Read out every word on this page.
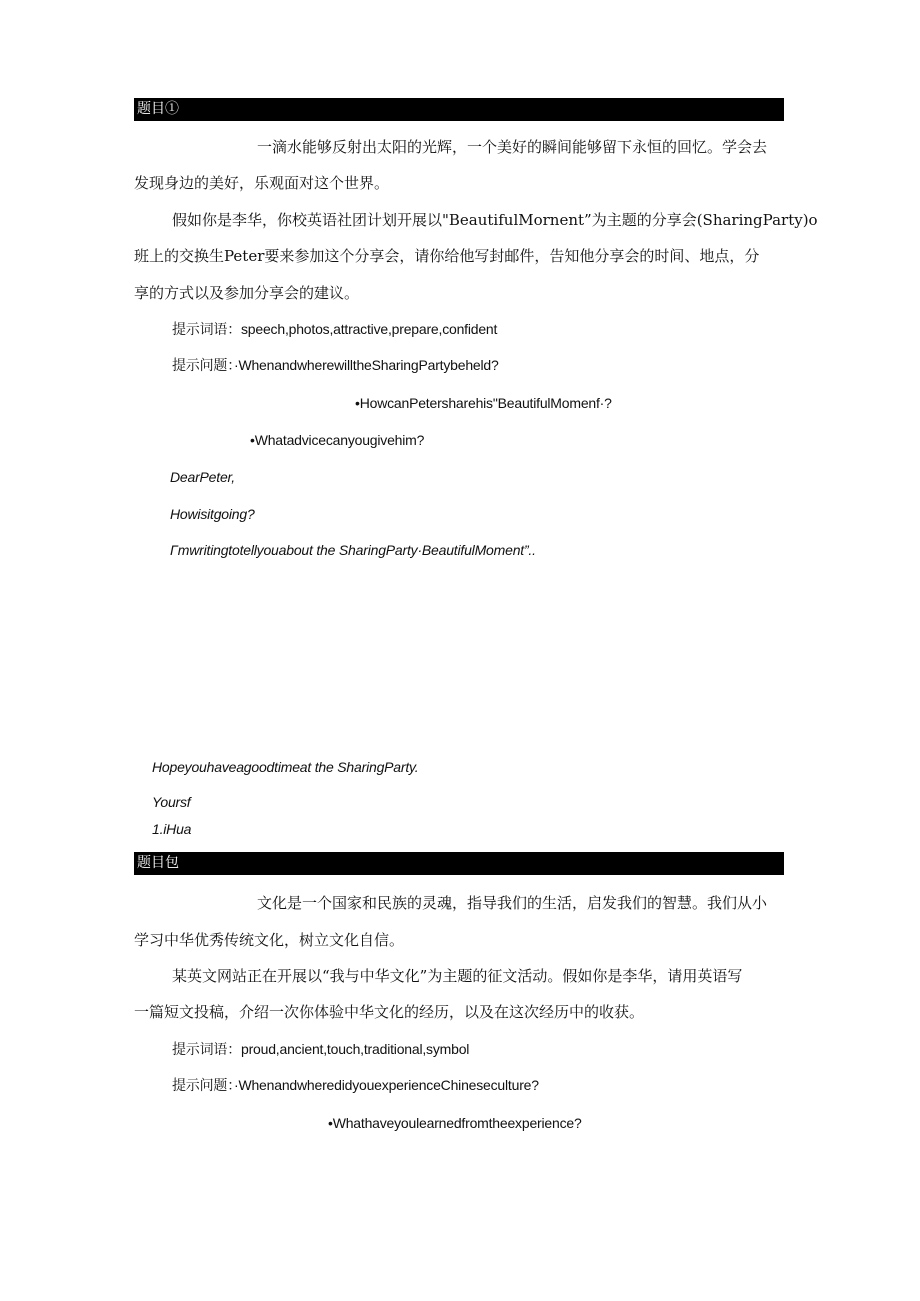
题目①
一滴水能够反射出太阳的光辉，一个美好的瞬间能够留下永恒的回忆。学会去
发现身边的美好，乐观面对这个世界。
假如你是李华，你校英语社团计划开展以"BeautifulMornent”为主题的分享会(SharingParty)o
班上的交换生Peter要来参加这个分享会，请你给他写封邮件，告知他分享会的时间、地点，分
享的方式以及参加分享会的建议。
提示词语：speech,photos,attractive,prepare,confident
提示问题：·WhenandwherewilltheSharingPartybeheld?
•HowcanPetersharehis"BeautifulMomenf·?
•Whatadvicecanyougivehim?
DearPeter,
Howisitgoing?
Γmwritingtotellyouabout the SharingParty·BeautifulMoment”..
Hopeyouhaveagoodtimeat the SharingParty.
Yoursf
1.iHua
题目包
文化是一个国家和民族的灵魂，指导我们的生活，启发我们的智慧。我们从小
学习中华优秀传统文化，树立文化自信。
某英文网站正在开展以“我与中华文化”为主题的征文活动。假如你是李华，请用英语写
一篇短文投稿，介绍一次你体验中华文化的经历，以及在这次经历中的收获。
提示词语：proud,ancient,touch,traditional,symbol
提示问题：·WhenandwheredidyouexperienceChineseculture?
•Whathaveyoulearnedfromtheexperience?
